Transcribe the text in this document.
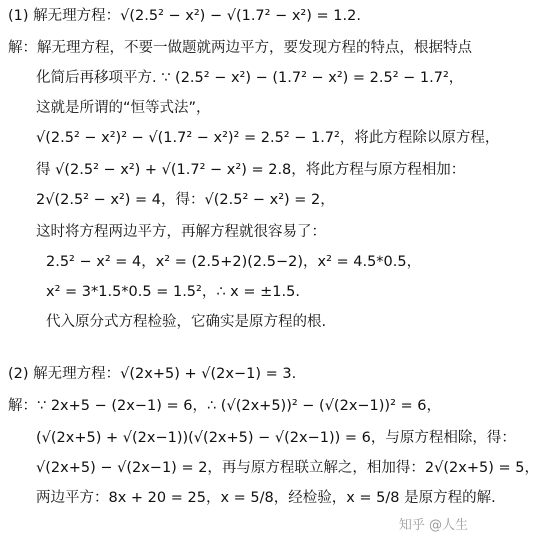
(1) 解无理方程：√(2.5² − x²) − √(1.7² − x²) = 1.2.
解：解无理方程，不要一做题就两边平方，要发现方程的特点，根据特点
化简后再移项平方. ∵ (2.5² − x²) − (1.7² − x²) = 2.5² − 1.7²，
这就是所谓的“恒等式法”，
√(2.5² − x²)² − √(1.7² − x²)² = 2.5² − 1.7²，将此方程除以原方程，
得 √(2.5² − x²) + √(1.7² − x²) = 2.8，将此方程与原方程相加：
2√(2.5² − x²) = 4，得：√(2.5² − x²) = 2，
这时将方程两边平方，再解方程就很容易了：
2.5² − x² = 4，x² = (2.5+2)(2.5−2)，x² = 4.5*0.5，
x² = 3*1.5*0.5 = 1.5²，∴ x = ±1.5.
代入原分式方程检验，它确实是原方程的根.
(2) 解无理方程：√(2x+5) + √(2x−1) = 3.
解：∵ 2x+5 − (2x−1) = 6，∴ (√(2x+5))² − (√(2x−1))² = 6，
(√(2x+5) + √(2x−1))(√(2x+5) − √(2x−1)) = 6，与原方程相除，得：
√(2x+5) − √(2x−1) = 2，再与原方程联立解之，相加得：2√(2x+5) = 5，
两边平方：8x + 20 = 25，x = 5/8，经检验，x = 5/8 是原方程的解.
知乎 @人生
